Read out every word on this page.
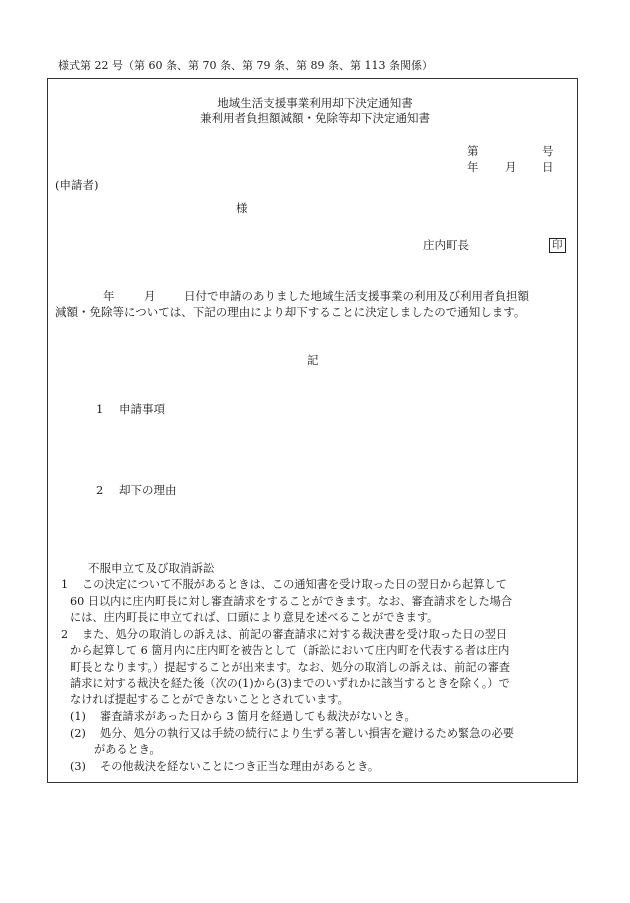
様式第 22 号（第 60 条、第 70 条、第 79 条、第 89 条、第 113 条関係）
地域生活支援事業利用却下決定通知書
兼利用者負担額減額・免除等却下決定通知書
第	号
年 月 日
(申請者)
様
庄内町長	印
年	月 日付で申請のありました地域生活支援事業の利用及び利用者負担額
減額・免除等については、下記の理由により却下することに決定しましたので通知します。
記
1 申請事項
2 却下の理由
不服申立て及び取消訴訟
1 この決定について不服があるときは、この通知書を受け取った日の翌日から起算して
60 日以内に庄内町長に対し審査請求をすることができます。なお、審査請求をした場合
には、庄内町長に申立てれば、口頭により意見を述べることができます。
2 また、処分の取消しの訴えは、前記の審査請求に対する裁決書を受け取った日の翌日
から起算して 6 箇月内に庄内町を被告として（訴訟において庄内町を代表する者は庄内
町長となります。）提起することが出来ます。なお、処分の取消しの訴えは、前記の審査
請求に対する裁決を経た後（次の(1)から(3)までのいずれかに該当するときを除く。）で
なければ提起することができないこととされています。
(1) 審査請求があった日から 3 箇月を経過しても裁決がないとき。
(2) 処分、処分の執行又は手続の続行により生ずる著しい損害を避けるため緊急の必要
があるとき。
(3) その他裁決を経ないことにつき正当な理由があるとき。
